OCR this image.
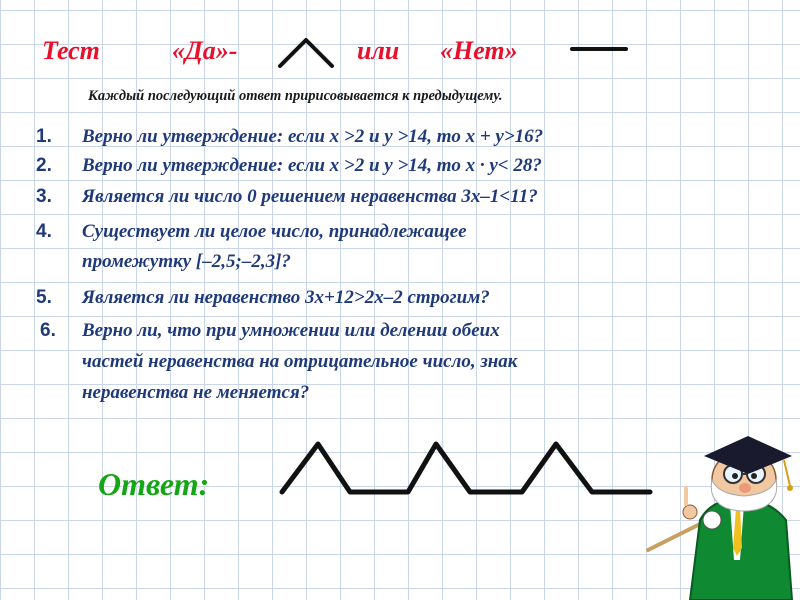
Тест	«Да»-	или «Нет»
Каждый последующий ответ пририсовывается к предыдущему.
1. Верно ли утверждение: если х >2 и у >14, то х + у>16?
2. Верно ли утверждение: если х >2 и у >14, то х · у< 28?
3. Является ли число 0 решением неравенства 3х–1<11?
4. Существует ли целое число, принадлежащее
промежутку [–2,5;–2,3]?
5. Является ли неравенство 3х+12>2х–2 строгим?
6. Верно ли, что при умножении или делении обеих
частей неравенства на отрицательное число, знак
неравенства не меняется?
Ответ:
